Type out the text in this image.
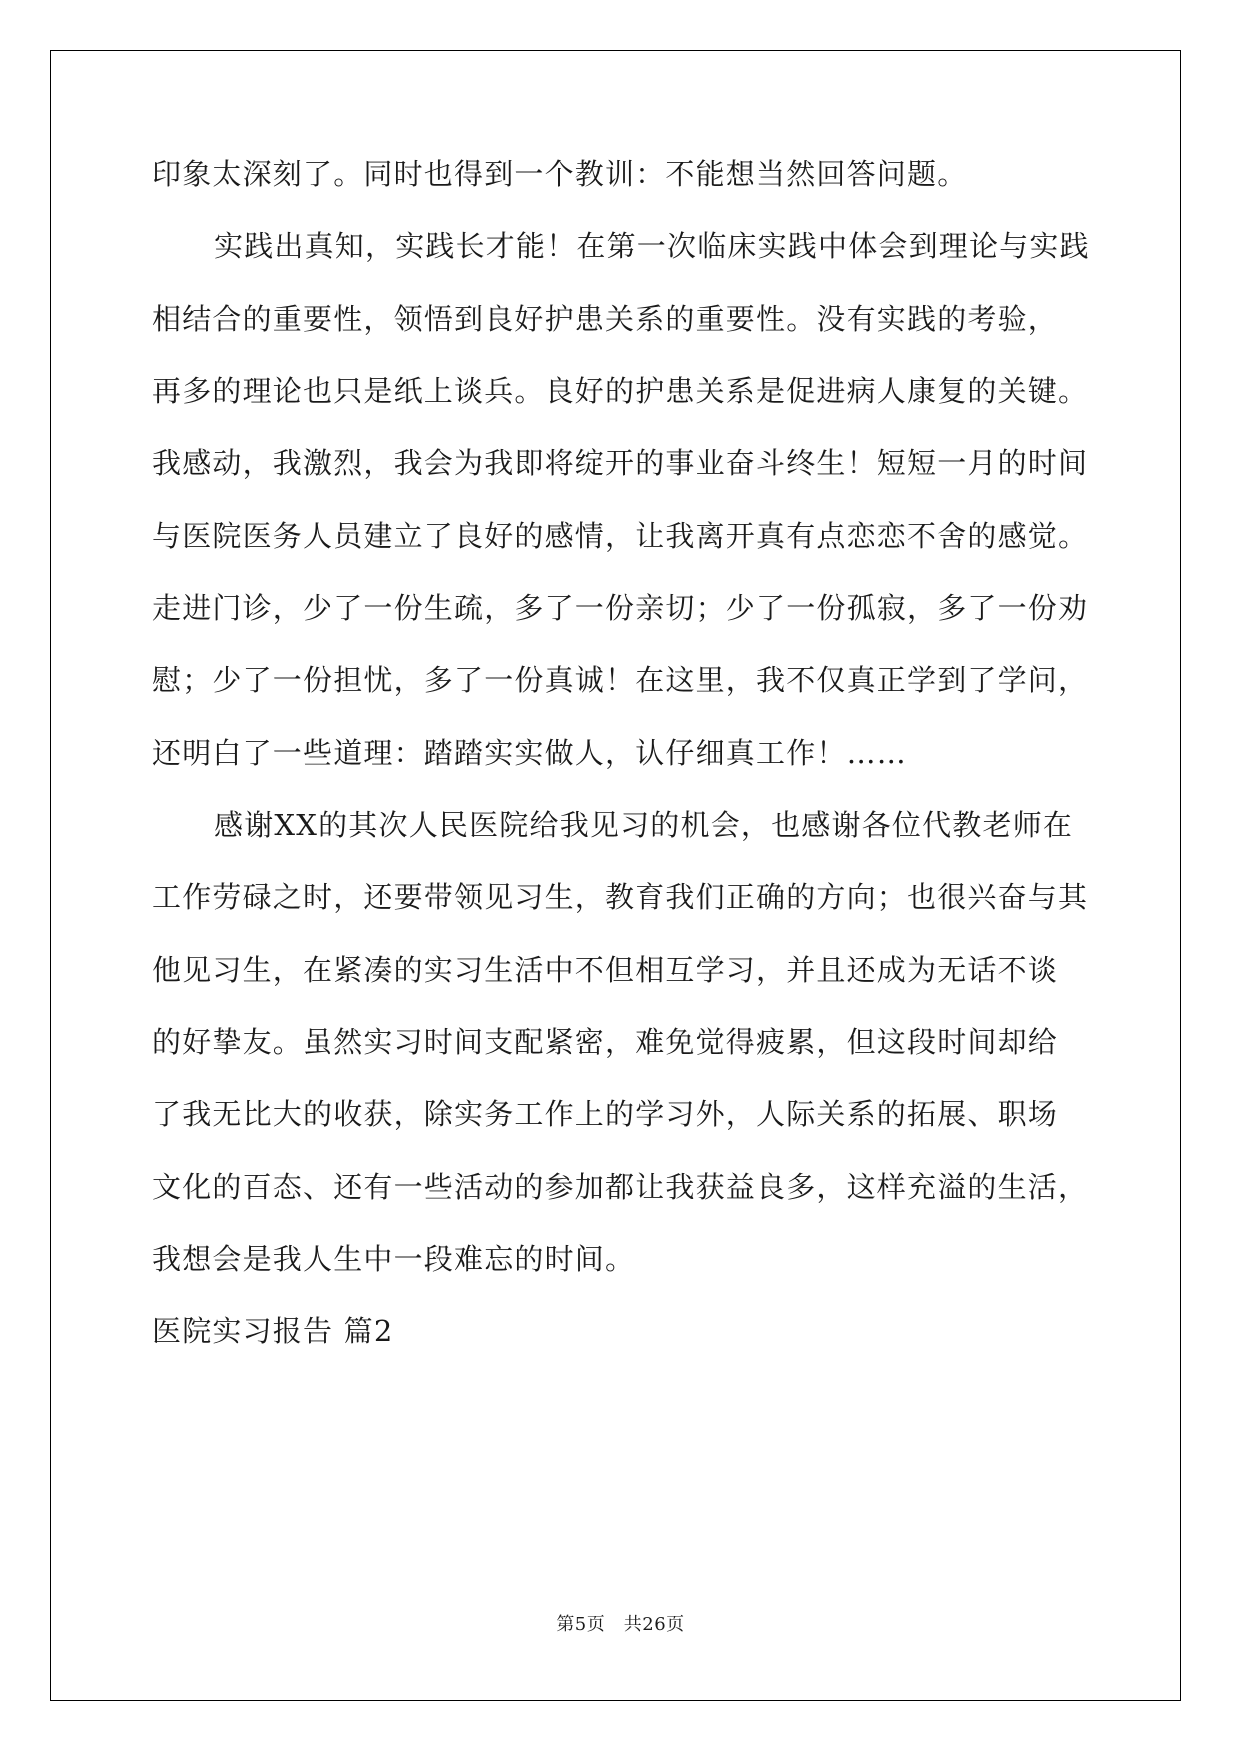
印象太深刻了。同时也得到一个教训：不能想当然回答问题。
实践出真知，实践长才能！在第一次临床实践中体会到理论与实践
相结合的重要性，领悟到良好护患关系的重要性。没有实践的考验，
再多的理论也只是纸上谈兵。良好的护患关系是促进病人康复的关键。
我感动，我激烈，我会为我即将绽开的事业奋斗终生！短短一月的时间
与医院医务人员建立了良好的感情，让我离开真有点恋恋不舍的感觉。
走进门诊，少了一份生疏，多了一份亲切；少了一份孤寂，多了一份劝
慰；少了一份担忧，多了一份真诚！在这里，我不仅真正学到了学问，
还明白了一些道理：踏踏实实做人，认仔细真工作！……
感谢XX的其次人民医院给我见习的机会，也感谢各位代教老师在
工作劳碌之时，还要带领见习生，教育我们正确的方向；也很兴奋与其
他见习生，在紧凑的实习生活中不但相互学习，并且还成为无话不谈
的好挚友。虽然实习时间支配紧密，难免觉得疲累，但这段时间却给
了我无比大的收获，除实务工作上的学习外，人际关系的拓展、职场
文化的百态、还有一些活动的参加都让我获益良多，这样充溢的生活，
我想会是我人生中一段难忘的时间。
医院实习报告 篇2
第5页　共26页
